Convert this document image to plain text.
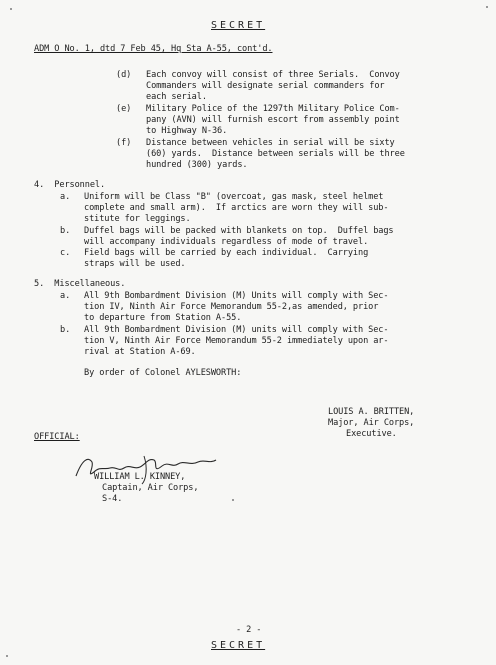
SECRET
ADM O No. 1, dtd 7 Feb 45, Hq Sta A-55, cont'd.
(d) Each convoy will consist of three Serials.  Convoy
Commanders will designate serial commanders for
each serial.
(e) Military Police of the 1297th Military Police Com-
pany (AVN) will furnish escort from assembly point
to Highway N-36.
(f) Distance between vehicles in serial will be sixty
(60) yards.  Distance between serials will be three
hundred (300) yards.
4.  Personnel.
a. Uniform will be Class "B" (overcoat, gas mask, steel helmet
complete and small arm).  If arctics are worn they will sub-
stitute for leggings.
b. Duffel bags will be packed with blankets on top.  Duffel bags
will accompany individuals regardless of mode of travel.
c. Field bags will be carried by each individual.  Carrying
straps will be used.
5.  Miscellaneous.
a. All 9th Bombardment Division (M) Units will comply with Sec-
tion IV, Ninth Air Force Memorandum 55-2,as amended, prior
to departure from Station A-55.
b. All 9th Bombardment Division (M) units will comply with Sec-
tion V, Ninth Air Force Memorandum 55-2 immediately upon ar-
rival at Station A-69.
By order of Colonel AYLESWORTH:
LOUIS A. BRITTEN,
Major, Air Corps,
Executive.
OFFICIAL:
WILLIAM L. KINNEY,
Captain, Air Corps,
S-4.
- 2 -
SECRET
